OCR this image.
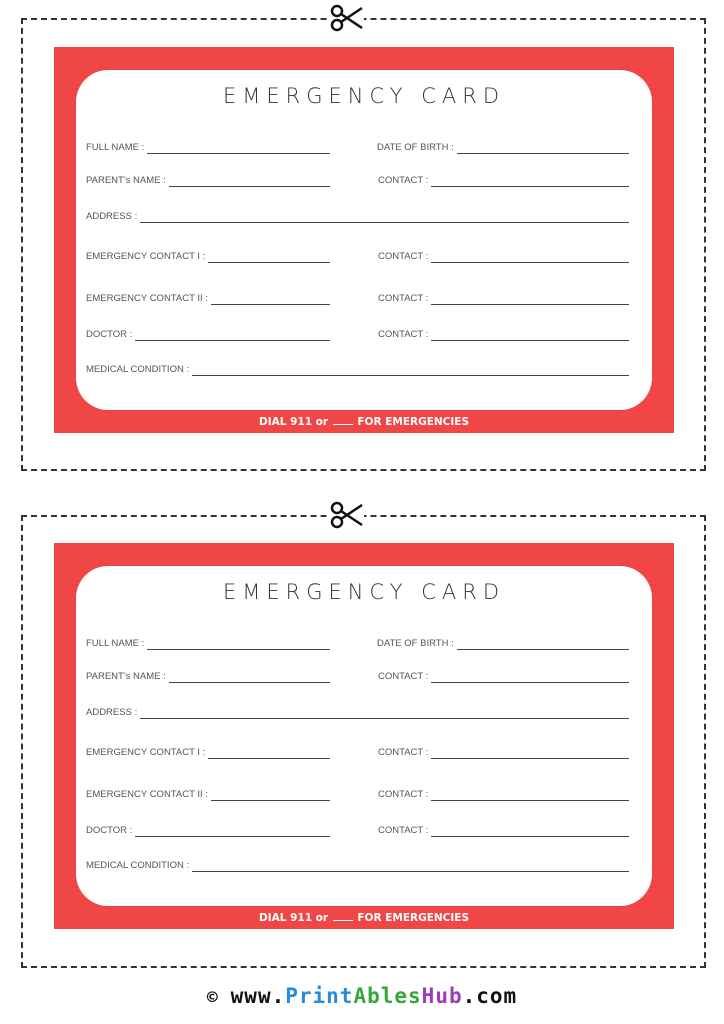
EMERGENCY CARD
FULL NAME :	DATE OF BIRTH :
PARENT's NAME :	CONTACT :
ADDRESS :
EMERGENCY CONTACT I :	CONTACT :
EMERGENCY CONTACT II :	CONTACT :
DOCTOR :	CONTACT :
MEDICAL CONDITION :
DIAL 911 or	FOR EMERGENCIES
EMERGENCY CARD
FULL NAME :	DATE OF BIRTH :
PARENT's NAME :	CONTACT :
ADDRESS :
EMERGENCY CONTACT I :	CONTACT :
EMERGENCY CONTACT II :	CONTACT :
DOCTOR :	CONTACT :
MEDICAL CONDITION :
DIAL 911 or	FOR EMERGENCIES
© www.PrintAblesHub.com
